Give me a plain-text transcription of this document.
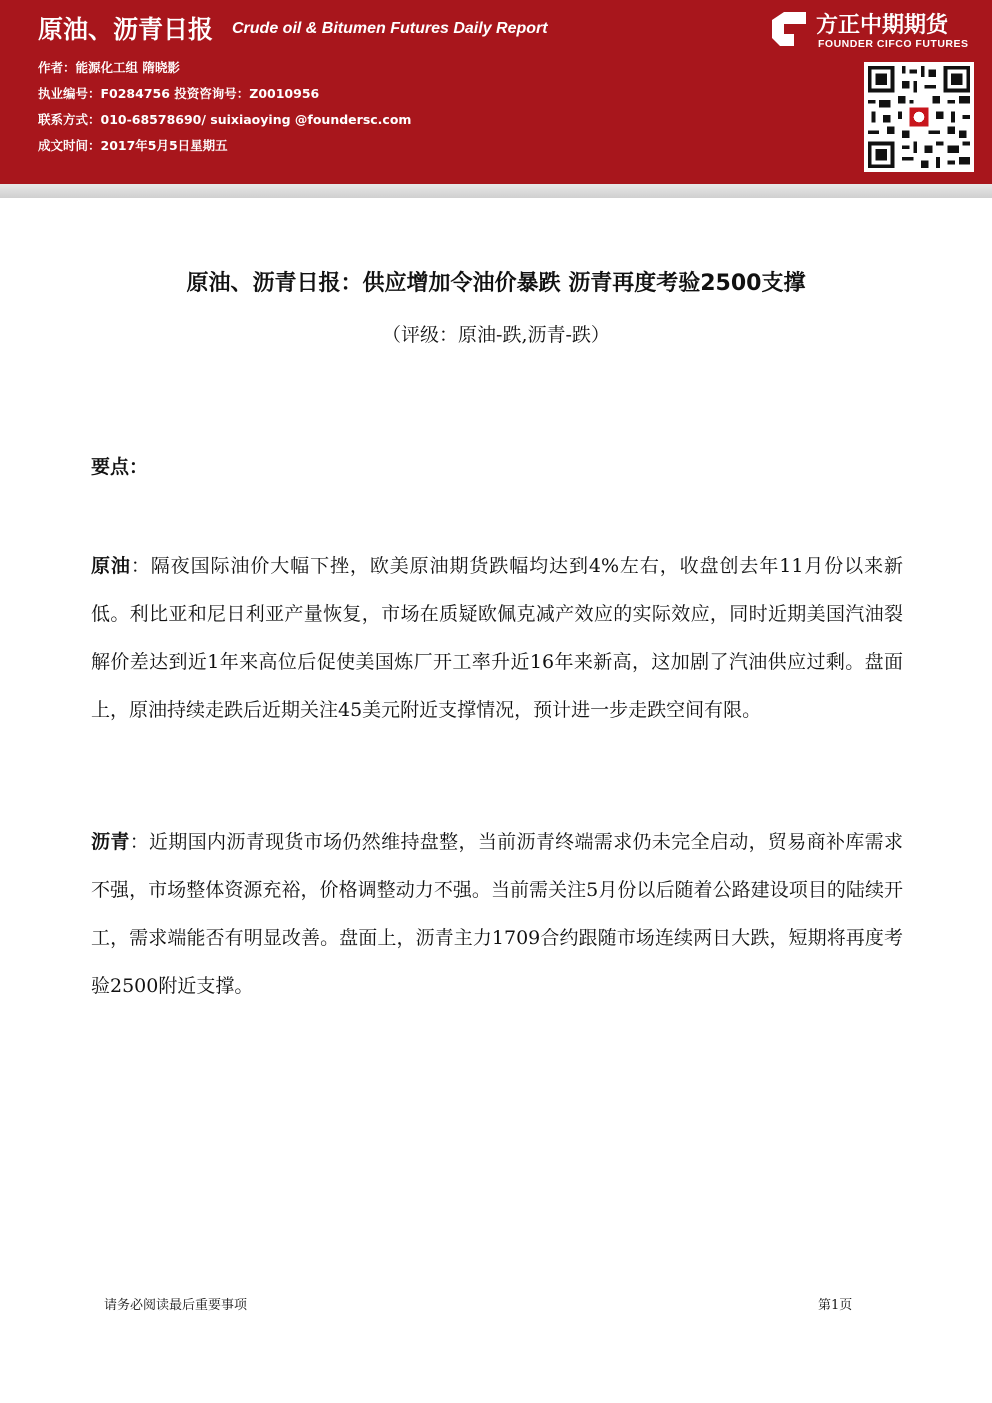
原油、沥青日报 Crude oil & Bitumen Futures Daily Report
作者：能源化工组 隋晓影
执业编号：F0284756 投资咨询号：Z0010956
联系方式：010-68578690/ suixiaoying @foundersc.com
成文时间：2017年5月5日星期五
方正中期期货
FOUNDER CIFCO FUTURES
原油、沥青日报：供应增加令油价暴跌 沥青再度考验2500支撑
（评级：原油-跌,沥青-跌）
要点：
原油：隔夜国际油价大幅下挫，欧美原油期货跌幅均达到4%左右，收盘创去年11月份以来新低。利比亚和尼日利亚产量恢复，市场在质疑欧佩克减产效应的实际效应，同时近期美国汽油裂解价差达到近1年来高位后促使美国炼厂开工率升近16年来新高，这加剧了汽油供应过剩。盘面上，原油持续走跌后近期关注45美元附近支撑情况，预计进一步走跌空间有限。
沥青：近期国内沥青现货市场仍然维持盘整，当前沥青终端需求仍未完全启动，贸易商补库需求不强，市场整体资源充裕，价格调整动力不强。当前需关注5月份以后随着公路建设项目的陆续开工，需求端能否有明显改善。盘面上，沥青主力1709合约跟随市场连续两日大跌，短期将再度考验2500附近支撑。
请务必阅读最后重要事项	第1页
